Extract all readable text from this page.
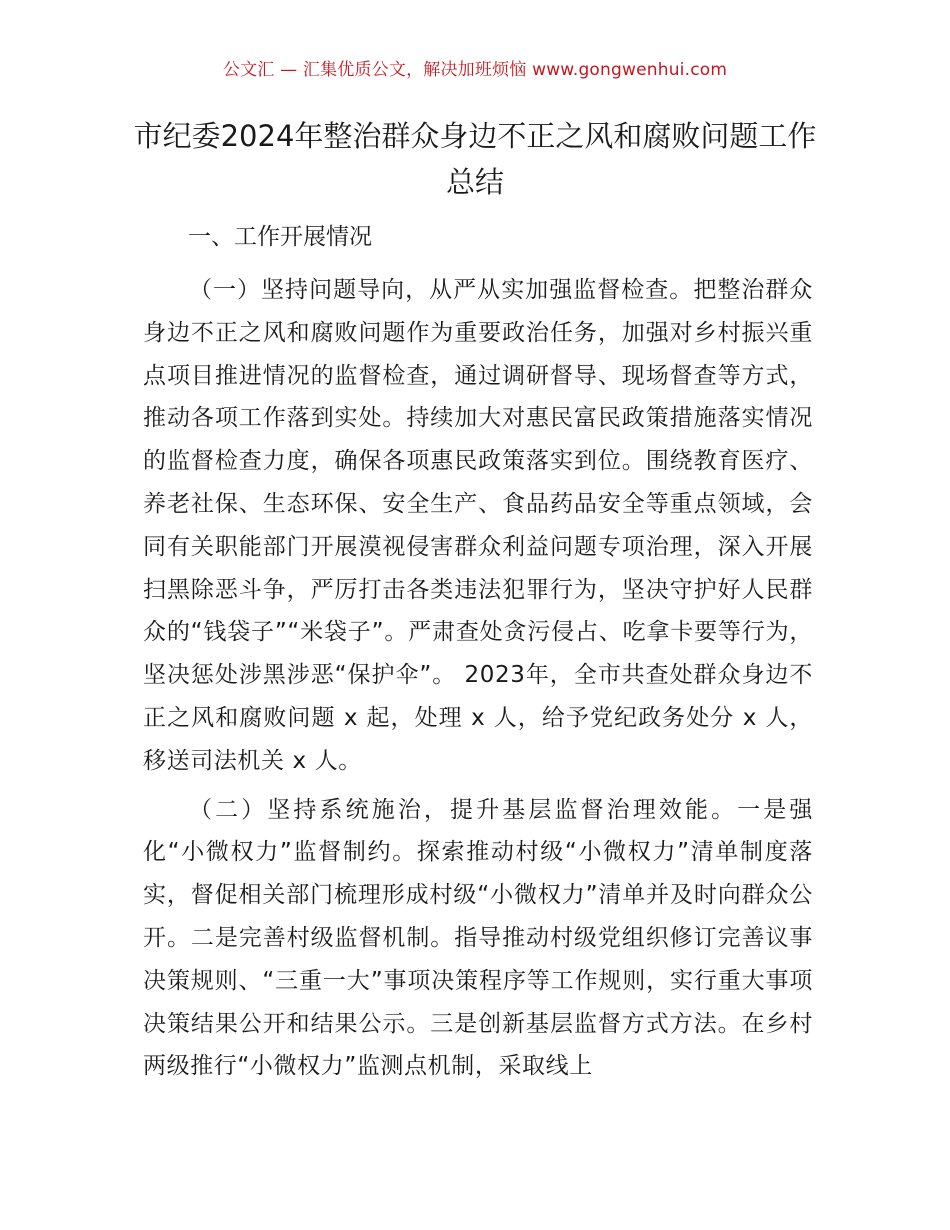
公文汇 — 汇集优质公文，解决加班烦恼 www.gongwenhui.com
市纪委2024年整治群众身边不正之风和腐败问题工作总结
一、工作开展情况

（一）坚持问题导向，从严从实加强监督检查。把整治群众身边不正之风和腐败问题作为重要政治任务，加强对乡村振兴重点项目推进情况的监督检查，通过调研督导、现场督查等方式，推动各项工作落到实处。持续加大对惠民富民政策措施落实情况的监督检查力度，确保各项惠民政策落实到位。围绕教育医疗、养老社保、生态环保、安全生产、食品药品安全等重点领域，会同有关职能部门开展漠视侵害群众利益问题专项治理，深入开展扫黑除恶斗争，严厉打击各类违法犯罪行为，坚决守护好人民群众的“钱袋子”“米袋子”。严肃查处贪污侵占、吃拿卡要等行为，坚决惩处涉黑涉恶“保护伞”。 2023年，全市共查处群众身边不正之风和腐败问题 x 起，处理 x 人，给予党纪政务处分 x 人，移送司法机关 x 人。

（二）坚持系统施治，提升基层监督治理效能。一是强化“小微权力”监督制约。探索推动村级“小微权力”清单制度落实，督促相关部门梳理形成村级“小微权力”清单并及时向群众公开。二是完善村级监督机制。指导推动村级党组织修订完善议事决策规则、“三重一大”事项决策程序等工作规则，实行重大事项决策结果公开和结果公示。三是创新基层监督方式方法。在乡村两级推行“小微权力”监测点机制，采取线上
